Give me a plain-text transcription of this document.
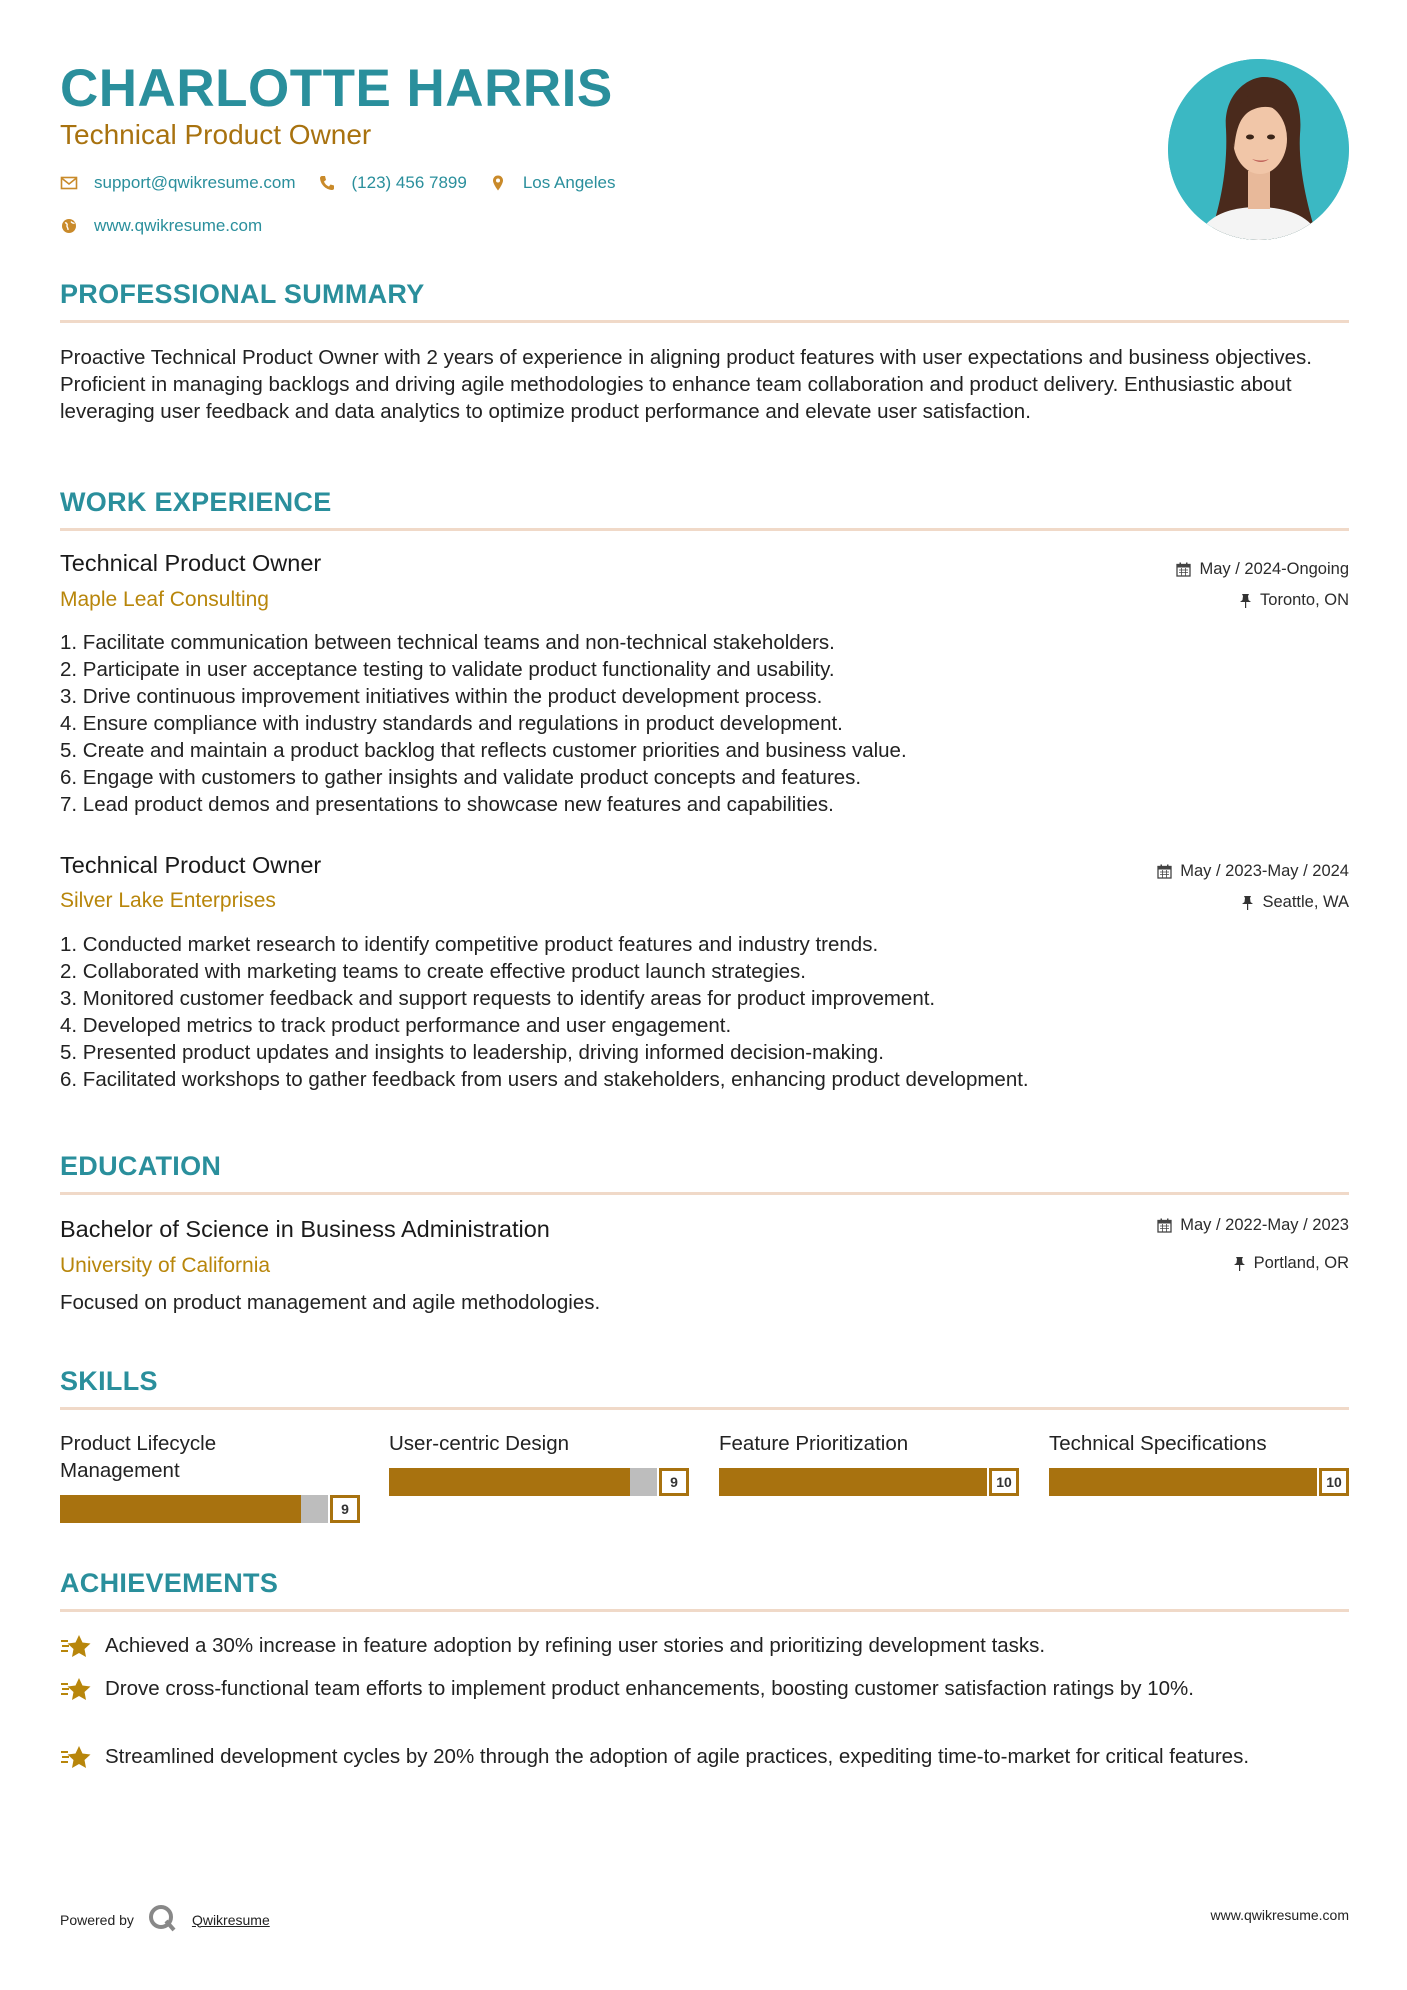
CHARLOTTE HARRIS
Technical Product Owner
support@qwikresume.com	(123) 456 7899	Los Angeles
www.qwikresume.com
PROFESSIONAL SUMMARY
Proactive Technical Product Owner with 2 years of experience in aligning product features with user expectations and business objectives. Proficient in managing backlogs and driving agile methodologies to enhance team collaboration and product delivery. Enthusiastic about leveraging user feedback and data analytics to optimize product performance and elevate user satisfaction.
WORK EXPERIENCE
Technical Product Owner
Maple Leaf Consulting
May / 2024-Ongoing
Toronto, ON
1. Facilitate communication between technical teams and non-technical stakeholders.
2. Participate in user acceptance testing to validate product functionality and usability.
3. Drive continuous improvement initiatives within the product development process.
4. Ensure compliance with industry standards and regulations in product development.
5. Create and maintain a product backlog that reflects customer priorities and business value.
6. Engage with customers to gather insights and validate product concepts and features.
7. Lead product demos and presentations to showcase new features and capabilities.
Technical Product Owner
Silver Lake Enterprises
May / 2023-May / 2024
Seattle, WA
1. Conducted market research to identify competitive product features and industry trends.
2. Collaborated with marketing teams to create effective product launch strategies.
3. Monitored customer feedback and support requests to identify areas for product improvement.
4. Developed metrics to track product performance and user engagement.
5. Presented product updates and insights to leadership, driving informed decision-making.
6. Facilitated workshops to gather feedback from users and stakeholders, enhancing product development.
EDUCATION
Bachelor of Science in Business Administration
University of California
May / 2022-May / 2023
Portland, OR
Focused on product management and agile methodologies.
SKILLS
Product Lifecycle Management
9
User-centric Design
9
Feature Prioritization
10
Technical Specifications
10
ACHIEVEMENTS
Achieved a 30% increase in feature adoption by refining user stories and prioritizing development tasks.
Drove cross-functional team efforts to implement product enhancements, boosting customer satisfaction ratings by 10%.
Streamlined development cycles by 20% through the adoption of agile practices, expediting time-to-market for critical features.
Powered by	Qwikresume	www.qwikresume.com
